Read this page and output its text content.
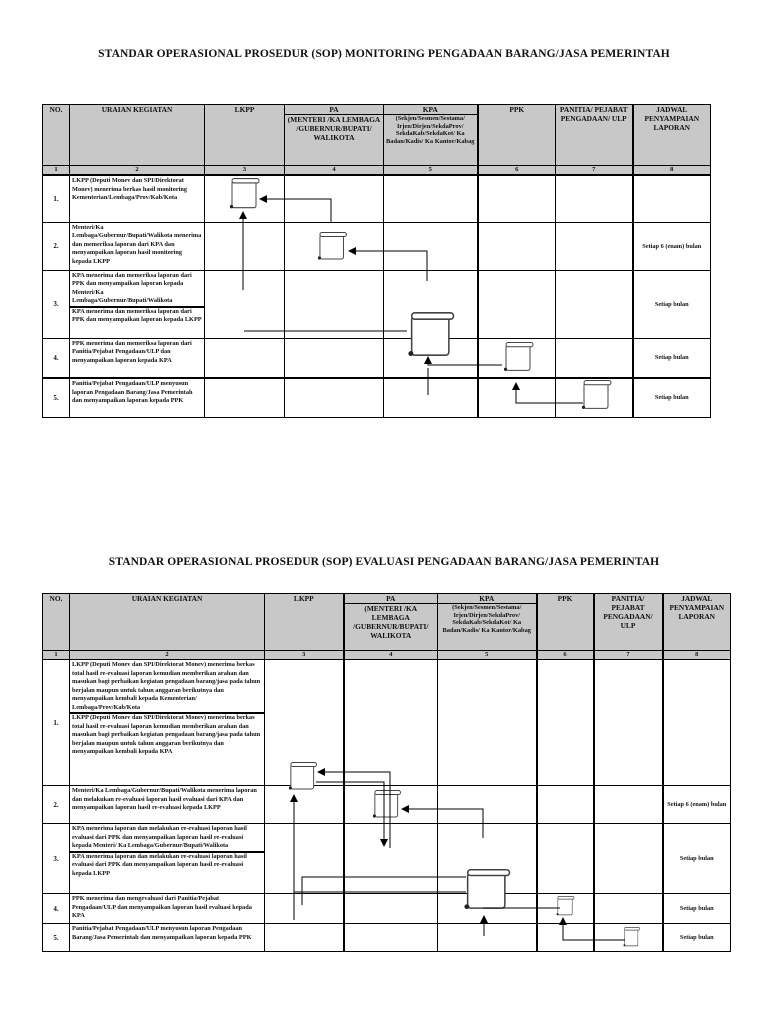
STANDAR OPERASIONAL PROSEDUR (SOP) MONITORING PENGADAAN BARANG/JASA PEMERINTAH
NO.	URAIAN KEGIATAN	LKPP	PA	KPA	PPK	PANITIA/ PEJABAT PENGADAAN/ ULP	JADWAL PENYAMPAIAN LAPORAN
			(MENTERI /KA LEMBAGA /GUBERNUR/BUPATI/ WALIKOTA	(Sekjen/Sesmen/Sestama/ Irjen/Dirjen/SekdaProv/ SekdaKab/SekdaKot/ Ka Badan/Kadis/ Ka Kantor/Kabag			
1	2	3	4	5	6	7	8
1.	LKPP (Deputi Monev dan SPI/Direktorat Monev) menerima berkas hasil monitoring Kementerian/Lembaga/Prov/Kab/Kota						
2.	Menteri/Ka Lembaga/Gubernur/Bupati/Walikota menerima dan memeriksa laporan dari KPA dan menyampaikan laporan hasil monitoring kepada LKPP						Setiap 6 (enam) bulan
3.	KPA menerima dan memeriksa laporan dari PPK dan menyampaikan laporan kepada Menteri/Ka Lembaga/Gubernur/Bupati/Walikota
KPA menerima dan memeriksa laporan dari PPK dan menyampaikan laporan kepada LKPP						Setiap bulan
4.	PPK menerima dan memeriksa laporan dari Panitia/Pejabat Pengadaan/ULP dan menyampaikan laporan kepada KPA						Setiap bulan
5.	Panitia/Pejabat Pengadaan/ULP menyusun laporan Pengadaan Barang/Jasa Pemerintah dan menyampaikan laporan kepada PPK						Setiap bulan
STANDAR OPERASIONAL PROSEDUR (SOP) EVALUASI PENGADAAN BARANG/JASA PEMERINTAH
NO.	URAIAN KEGIATAN	LKPP	PA	KPA	PPK	PANITIA/ PEJABAT PENGADAAN/ ULP	JADWAL PENYAMPAIAN LAPORAN
			(MENTERI /KA LEMBAGA /GUBERNUR/BUPATI/ WALIKOTA	(Sekjen/Sesmen/Sestama/ Irjen/Dirjen/SekdaProv/ SekdaKab/SekdaKot/ Ka Badan/Kadis/ Ka Kantor/Kabag			
1	2	3	4	5	6	7	8
1.	LKPP (Deputi Monev dan SPI/Direktorat Monev) menerima berkas total hasil re-evaluasi laporan kemudian memberikan arahan dan masukan bagi perbaikan kegiatan pengadaan barang/jasa pada tahun berjalan maupun untuk tahun anggaran berikutnya dan menyampaikan kembali kepada Kementerian/ Lembaga/Prov/Kab/Kota
LKPP (Deputi Monev dan SPI/Direktorat Monev) menerima berkas total hasil re-evaluasi laporan kemudian memberikan arahan dan masukan bagi perbaikan kegiatan pengadaan barang/jasa pada tahun berjalan maupun untuk tahun anggaran berikutnya dan menyampaikan kembali kepada KPA						

2.	Menteri/Ka Lembaga/Gubernur/Bupati/Walikota menerima laporan dan melakukan re-evaluasi laporan hasil evaluasi dari KPA dan menyampaikan laporan hasil re-evaluasi kepada LKPP						Setiap 6 (enam) bulan
3.	KPA menerima laporan dan melakukan re-evaluasi laporan hasil evaluasi dari PPK dan menyampaikan laporan hasil re-evaluasi kepada Menteri/ Ka Lembaga/Gubernur/Bupati/Walikota
KPA menerima laporan dan melakukan re-evaluasi laporan hasil evaluasi dari PPK dan menyampaikan laporan hasil re-evaluasi kepada LKPP						Setiap bulan
4.	PPK menerima dan mengevaluasi dari Panitia/Pejabat Pengadaan/ULP dan menyampaikan laporan hasil evaluasi kepada KPA						Setiap bulan
5.	Panitia/Pejabat Pengadaan/ULP menyusun laporan Pengadaan Barang/Jasa Pemerintah dan menyampaikan laporan kepada PPK						Setiap bulan
